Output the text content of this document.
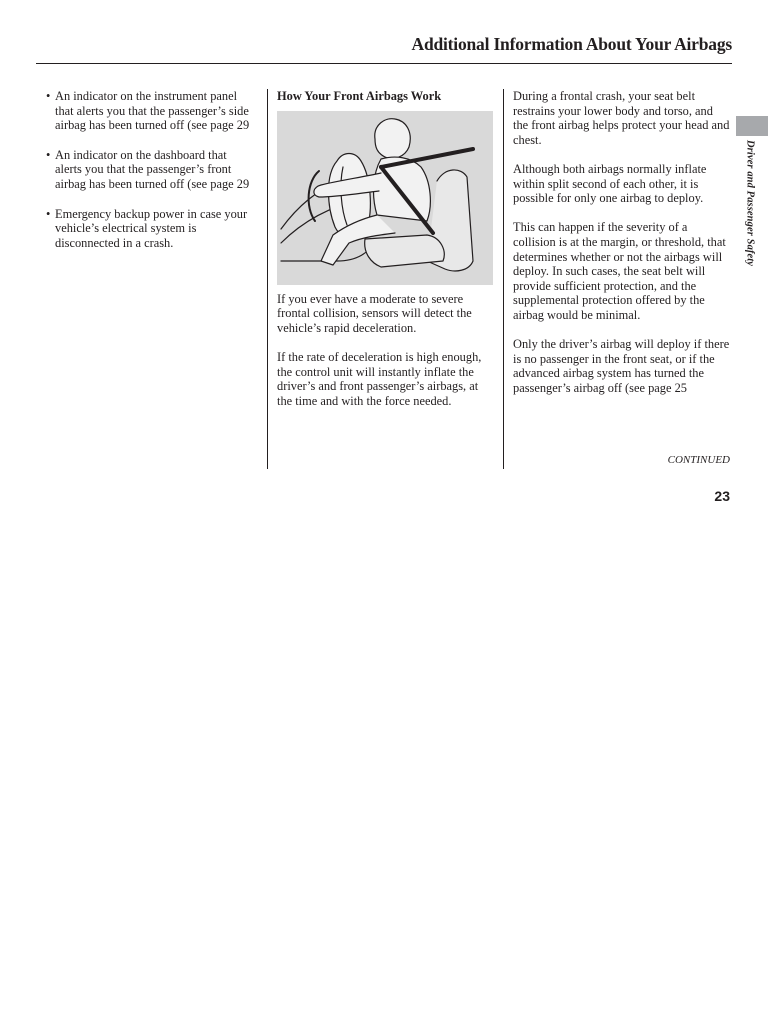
Additional Information About Your Airbags
Driver and Passenger Safety
• An indicator on the instrument panel that alerts you that the passenger’s side airbag has been turned off (see page 29
• An indicator on the dashboard that alerts you that the passenger’s front airbag has been turned off (see page 29
• Emergency backup power in case your vehicle’s electrical system is disconnected in a crash.
How Your Front Airbags Work

If you ever have a moderate to severe frontal collision, sensors will detect the vehicle’s rapid deceleration.

If the rate of deceleration is high enough, the control unit will instantly inflate the driver’s and front passenger’s airbags, at the time and with the force needed.

During a frontal crash, your seat belt restrains your lower body and torso, and the front airbag helps protect your head and chest.

Although both airbags normally inflate within split second of each other, it is possible for only one airbag to deploy.

This can happen if the severity of a collision is at the margin, or threshold, that determines whether or not the airbags will deploy. In such cases, the seat belt will provide sufficient protection, and the supplemental protection offered by the airbag would be minimal.

Only the driver’s airbag will deploy if there is no passenger in the front seat, or if the advanced airbag system has turned the passenger’s airbag off (see page 25

CONTINUED
23
